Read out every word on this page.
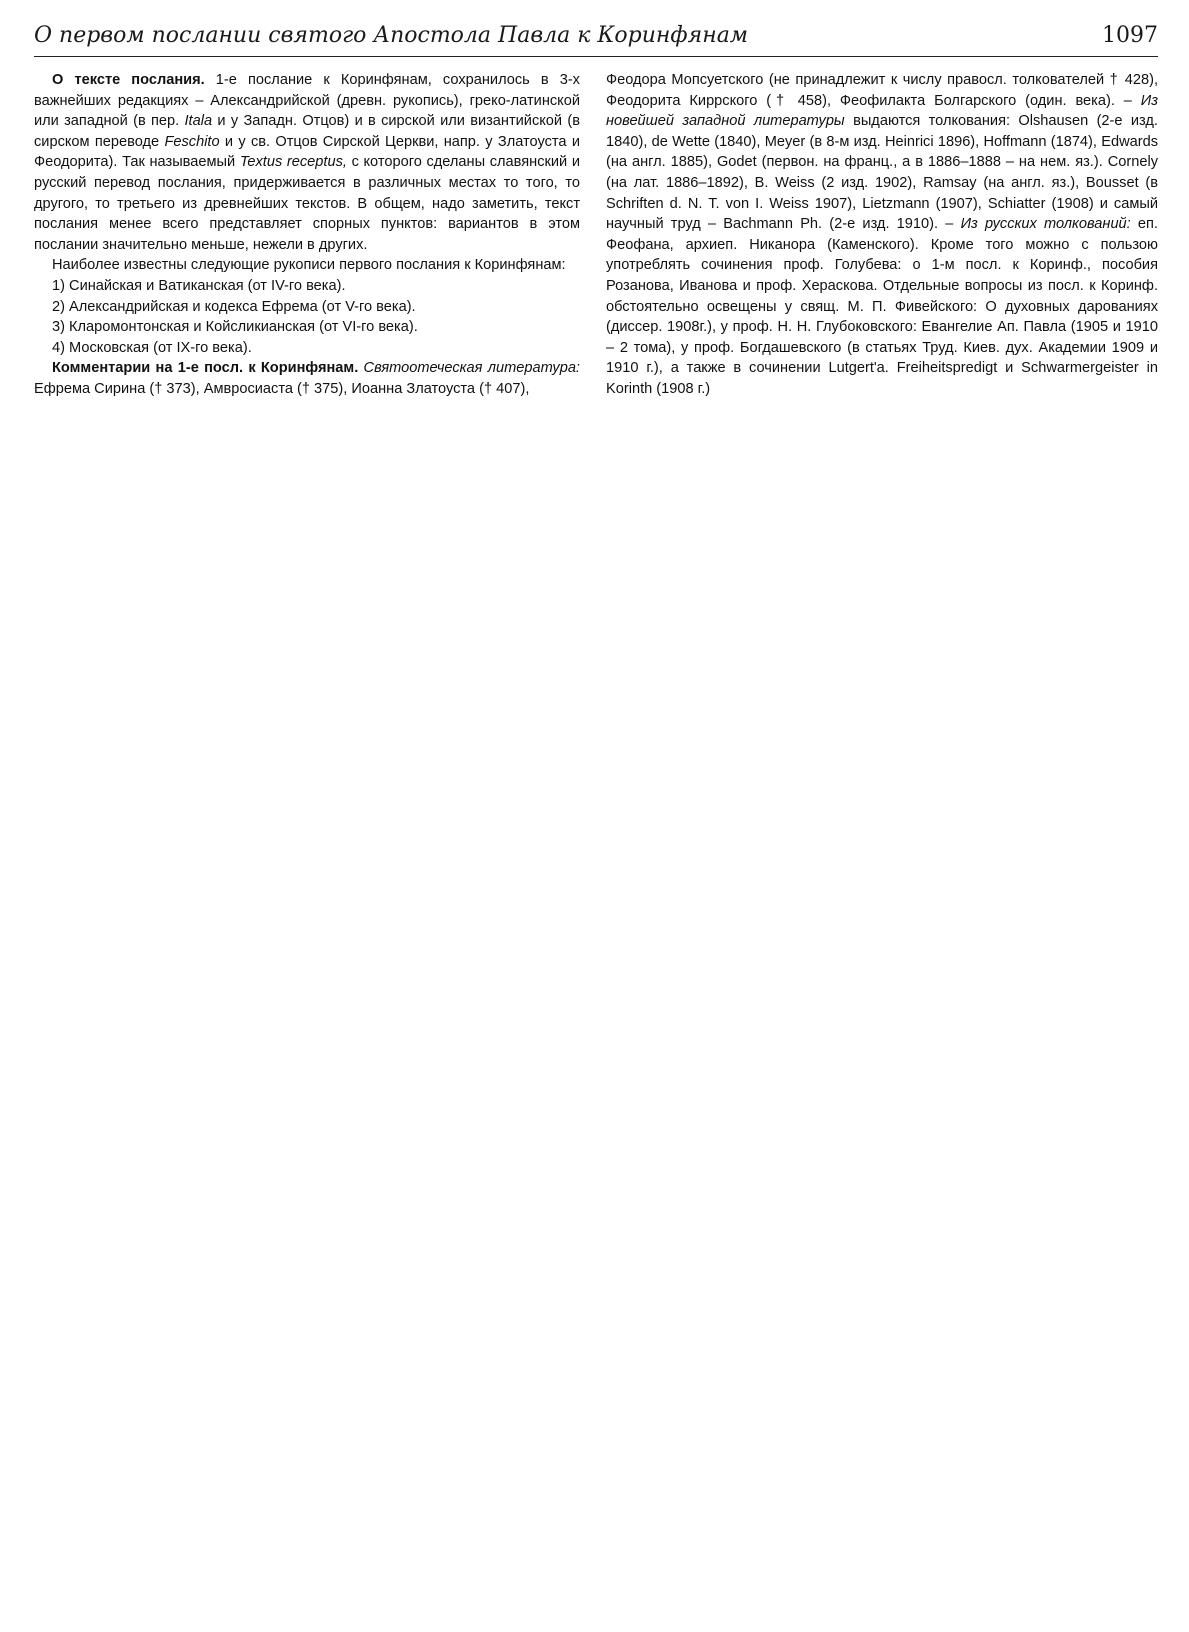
О первом послании святого Апостола Павла к Коринфянам	1097

О тексте послания. 1-е послание к Коринфянам, сохранилось в 3-х важнейших редакциях – Александрийской (древн. рукопись), греко-латинской или западной (в пер. Itala и у Западн. Отцов) и в сирской или византийской (в сирском переводе Feschito и у св. Отцов Сирской Церкви, напр. у Златоуста и Феодорита). Так называемый Textus receptus, с которого сделаны славянский и русский перевод послания, придерживается в различных местах то того, то другого, то третьего из древнейших текстов. В общем, надо заметить, текст послания менее всего представляет спорных пунктов: вариантов в этом послании значительно меньше, нежели в других.

Наиболее известны следующие рукописи первого послания к Коринфянам:

1) Синайская и Ватиканская (от IV-го века).

2) Александрийская и кодекса Ефрема (от V-го века).

3) Кларомонтонская и Койсликианская (от VI-го века).

4) Московская (от IX-го века).

Комментарии на 1-е посл. к Коринфянам. Святоотеческая литература: Ефрема Сирина († 373), Амвросиаста († 375), Иоанна Златоуста († 407),

Феодора Мопсуетского (не принадлежит к числу правосл. толкователей † 428), Феодорита Киррского († 458), Феофилакта Болгарского (один. века). – Из новейшей западной литературы выдаются толкования: Olshausen (2-е изд. 1840), de Wette (1840), Meyer (в 8-м изд. Heinrici 1896), Hoffmann (1874), Edwards (на англ. 1885), Godet (первон. на франц., а в 1886–1888 – на нем. яз.). Cornely (на лат. 1886–1892), B. Weiss (2 изд. 1902), Ramsay (на англ. яз.), Bousset (в Schriften d. N. T. von I. Weiss 1907), Lietzmann (1907), Schiatter (1908) и самый научный труд – Bachmann Ph. (2-е изд. 1910). – Из русских толкований: еп. Феофана, архиеп. Никанора (Каменского). Кроме того можно с пользою употреблять сочинения проф. Голубева: о 1-м посл. к Коринф., пособия Розанова, Иванова и проф. Хераскова. Отдельные вопросы из посл. к Коринф. обстоятельно освещены у свящ. М. П. Фивейского: О духовных дарованиях (диссер. 1908г.), у проф. Н. Н. Глубоковского: Евангелие Ап. Павла (1905 и 1910 – 2 тома), у проф. Богдашевского (в статьях Труд. Киев. дух. Академии 1909 и 1910 г.), а также в сочинении Lutgert'a. Freiheitspredigt и Schwarmergeister in Korinth (1908 г.)
